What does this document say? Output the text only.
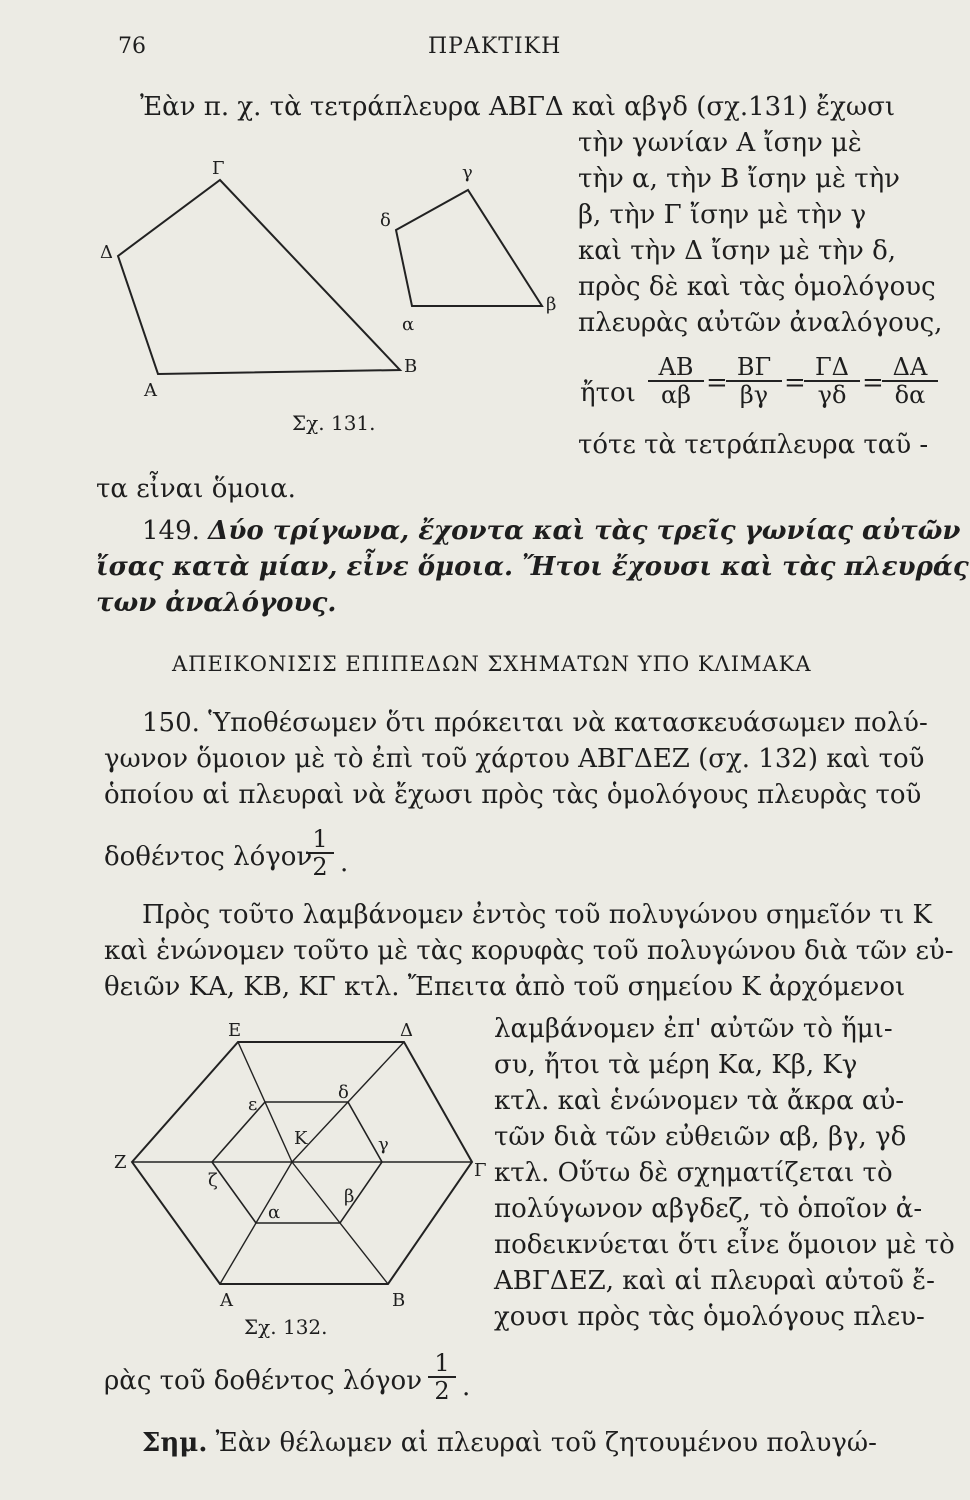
76	ΠΡΑΚΤΙΚΗ
Ἐὰν π. χ. τὰ τετράπλευρα ΑΒΓΔ καὶ αβγδ (σχ.131) ἔχωσι
τὴν γωνίαν Α ἴσην μὲ
τὴν α, τὴν Β ἴσην μὲ τὴν
β, τὴν Γ ἴσην μὲ τὴν γ
καὶ τὴν Δ ἴσην μὲ τὴν δ,
πρὸς δὲ καὶ τὰς ὁμολόγους
πλευρὰς αὐτῶν ἀναλόγους,
ἤτοι $\frac{AB}{\alpha\beta}$ =
$\frac{B\Gamma}{\beta\gamma}$ =
$\frac{\Gamma\Delta}{\gamma\delta}$ =
$\frac{\Delta A}{\delta\alpha}$
τότε τὰ τετράπλευρα ταῦ -
τα εἶναι ὅμοια.
Γ
Δ
Α
Β
γ
δ
α
β
Σχ. 131.
149. Δύο τρίγωνα, ἔχοντα καὶ τὰς τρεῖς γωνίας αὐτῶν
ἴσας κατὰ μίαν, εἶνε ὅμοια. Ἤτοι ἔχουσι καὶ τὰς πλευράς
των ἀναλόγους.
ΑΠΕΙΚΟΝΙΣΙΣ ΕΠΙΠΕΔΩΝ ΣΧΗΜΑΤΩΝ ΥΠΟ ΚΛΙΜΑΚΑ
150. Ὑποθέσωμεν ὅτι πρόκειται νὰ κατασκευάσωμεν πολύ-
γωνον ὅμοιον μὲ τὸ ἐπὶ τοῦ χάρτου ΑΒΓΔΕΖ (σχ. 132) καὶ τοῦ
ὁποίου αἱ πλευραὶ νὰ ἔχωσι πρὸς τὰς ὁμολόγους πλευρὰς τοῦ
δοθέντος λόγον
$\frac{1}{2}$ .
Πρὸς τοῦτο λαμβάνομεν ἐντὸς τοῦ πολυγώνου σημεῖόν τι Κ
καὶ ἑνώνομεν τοῦτο μὲ τὰς κορυφὰς τοῦ πολυγώνου διὰ τῶν εὐ-
θειῶν ΚΑ, ΚΒ, ΚΓ κτλ. Ἔπειτα ἀπὸ τοῦ σημείου Κ ἀρχόμενοι
λαμβάνομεν ἐπ' αὐτῶν τὸ ἥμι-
συ, ἤτοι τὰ μέρη Κα, Κβ, Κγ
κτλ. καὶ ἑνώνομεν τὰ ἄκρα αὐ-
τῶν διὰ τῶν εὐθειῶν αβ, βγ, γδ
κτλ. Οὕτω δὲ σχηματίζεται τὸ
πολύγωνον αβγδεζ, τὸ ὁποῖον ἀ-
ποδεικνύεται ὅτι εἶνε ὅμοιον μὲ τὸ
ΑΒΓΔΕΖ, καὶ αἱ πλευραὶ αὐτοῦ ἔ-
χουσι πρὸς τὰς ὁμολόγους πλευ-
Ζ
Ε	Δ
Γ
Β
Α
ζ
ε
δ
γ
β
α
Κ
Σχ. 132.
ρὰς τοῦ δοθέντος λόγον $\frac{1}{2}$ .
Σημ. Ἐὰν θέλωμεν αἱ πλευραὶ τοῦ ζητουμένου πολυγώ-
